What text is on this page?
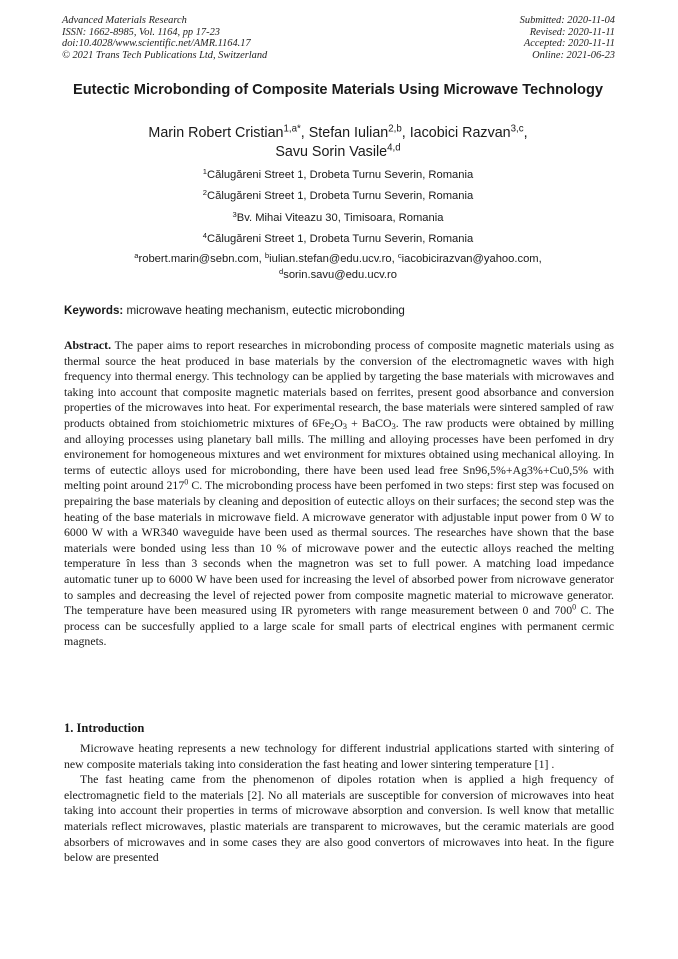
Advanced Materials Research
ISSN: 1662-8985, Vol. 1164, pp 17-23
doi:10.4028/www.scientific.net/AMR.1164.17
© 2021 Trans Tech Publications Ltd, Switzerland
Submitted: 2020-11-04
Revised: 2020-11-11
Accepted: 2020-11-11
Online: 2021-06-23
Eutectic Microbonding of Composite Materials Using Microwave Technology
Marin Robert Cristian$^{1,a*}$, Stefan Iulian$^{2,b}$, Iacobici Razvan$^{3,c}$,
Savu Sorin Vasile$^{4,d}$
$^1$Călugăreni Street 1, Drobeta Turnu Severin, Romania
$^2$Călugăreni Street 1, Drobeta Turnu Severin, Romania
$^3$Bv. Mihai Viteazu 30, Timisoara, Romania
$^4$Călugăreni Street 1, Drobeta Turnu Severin, Romania
$^a$robert.marin@sebn.com, $^b$iulian.stefan@edu.ucv.ro, $^c$iacobicirazvan@yahoo.com,
$^d$sorin.savu@edu.ucv.ro
Keywords: microwave heating mechanism, eutectic microbonding
Abstract. The paper aims to report researches in microbonding process of composite magnetic materials using as thermal source the heat produced in base materials by the conversion of the electromagnetic waves with high frequency into thermal energy. This technology can be applied by targeting the base materials with microwaves and taking into account that composite magnetic materials based on ferrites, present good absorbance and conversion properties of the microwaves into heat. For experimental research, the base materials were sintered sampled of raw products obtained from stoichiometric mixtures of $6Fe_2O_3$ + BaCO$_3$. The raw products were obtained by milling and alloying processes using planetary ball mills. The milling and alloying processes have been perfomed in dry environement for homogeneous mixtures and wet environment for mixtures obtained using mechanical alloying. In terms of eutectic alloys used for microbonding, there have been used lead free Sn96,5%+Ag3%+Cu0,5% with melting point around $217^0$ C. The microbonding process have been perfomed in two steps: first step was focused on prepairing the base materials by cleaning and deposition of eutectic alloys on their surfaces; the second step was the heating of the base materials in microwave field. A microwave generator with adjustable input power from 0 W to 6000 W with a WR340 waveguide have been used as thermal sources. The researches have shown that the base materials were bonded using less than 10 % of microwave power and the eutectic alloys reached the melting temperature în less than 3 seconds when the magnetron was set to full power. A matching load impedance automatic tuner up to 6000 W have been used for increasing the level of absorbed power from nicrowave generator to samples and decreasing the level of rejected power from composite magnetic material to microwave generator. The temperature have been measured using IR pyrometers with range measurement between 0 and $700^0$ C. The process can be succesfully applied to a large scale for small parts of electrical engines with permanent cermic magnets.
1. Introduction

Microwave heating represents a new technology for different industrial applications started with sintering of new composite materials taking into consideration the fast heating and lower sintering temperature [1] .

The fast heating came from the phenomenon of dipoles rotation when is applied a high frequency of electromagnetic field to the materials [2]. No all materials are susceptible for conversion of microwaves into heat taking into account their properties in terms of microwave absorption and conversion. Is well know that metallic materials reflect microwaves, plastic materials are transparent to microwaves, but the ceramic materials are good absorbers of microwaves and in some cases they are also good convertors of microwaves into heat. In the figure below are presented
